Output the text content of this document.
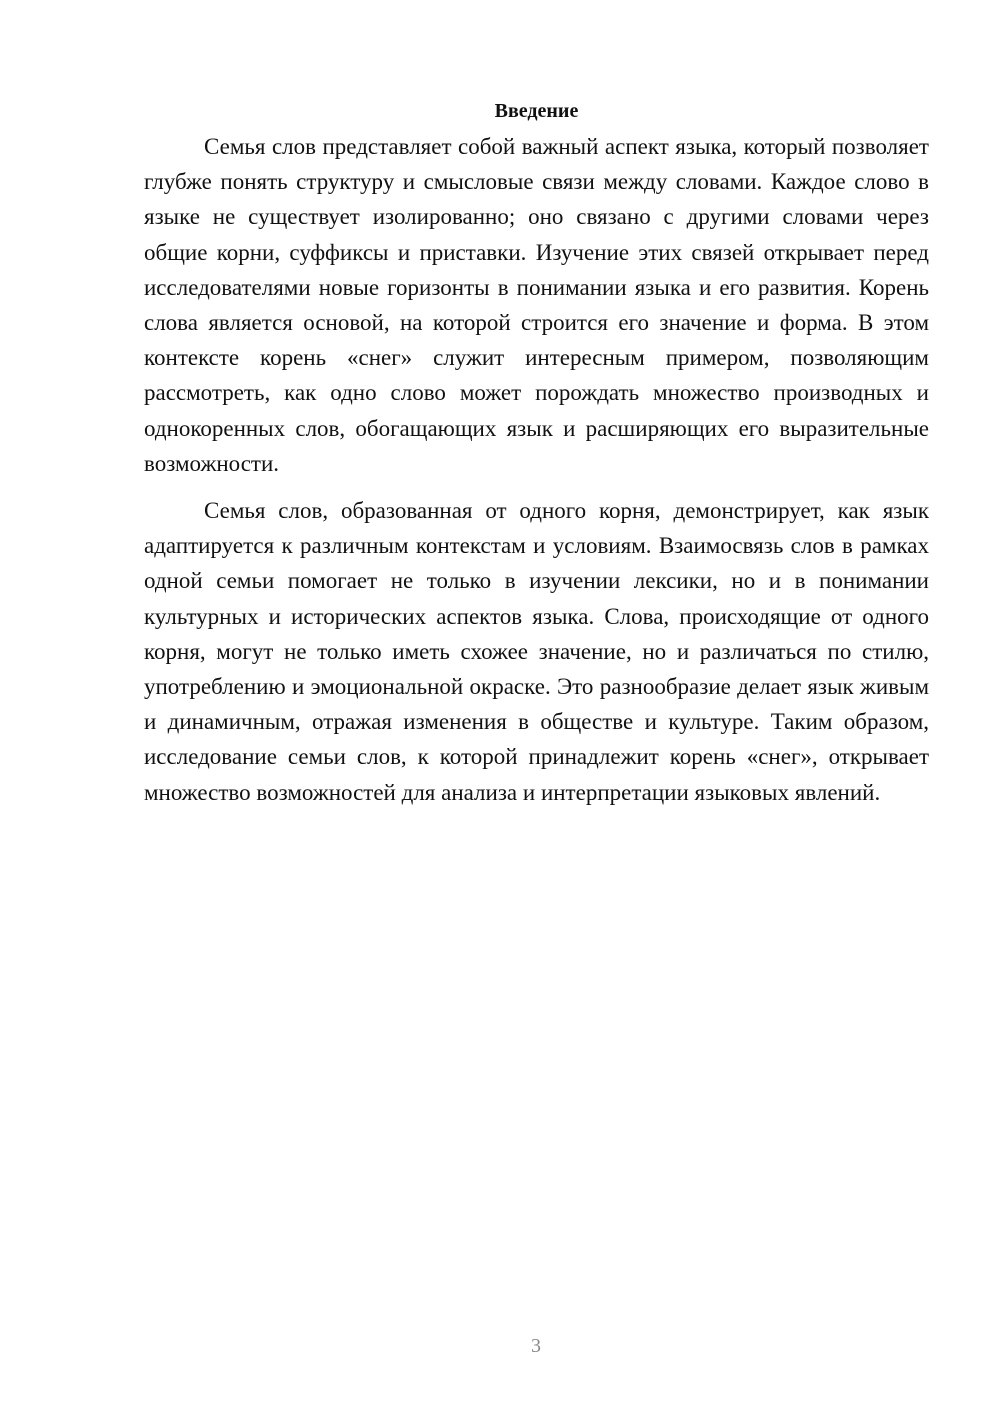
Введение

Семья слов представляет собой важный аспект языка, который позволяет глубже понять структуру и смысловые связи между словами. Каждое слово в языке не существует изолированно; оно связано с другими словами через общие корни, суффиксы и приставки. Изучение этих связей открывает перед исследователями новые горизонты в понимании языка и его развития. Корень слова является основой, на которой строится его значение и форма. В этом контексте корень «снег» служит интересным примером, позволяющим рассмотреть, как одно слово может порождать множество производных и однокоренных слов, обогащающих язык и расширяющих его выразительные возможности.

Семья слов, образованная от одного корня, демонстрирует, как язык адаптируется к различным контекстам и условиям. Взаимосвязь слов в рамках одной семьи помогает не только в изучении лексики, но и в понимании культурных и исторических аспектов языка. Слова, происходящие от одного корня, могут не только иметь схожее значение, но и различаться по стилю, употреблению и эмоциональной окраске. Это разнообразие делает язык живым и динамичным, отражая изменения в обществе и культуре. Таким образом, исследование семьи слов, к которой принадлежит корень «снег», открывает множество возможностей для анализа и интерпретации языковых явлений.

3
